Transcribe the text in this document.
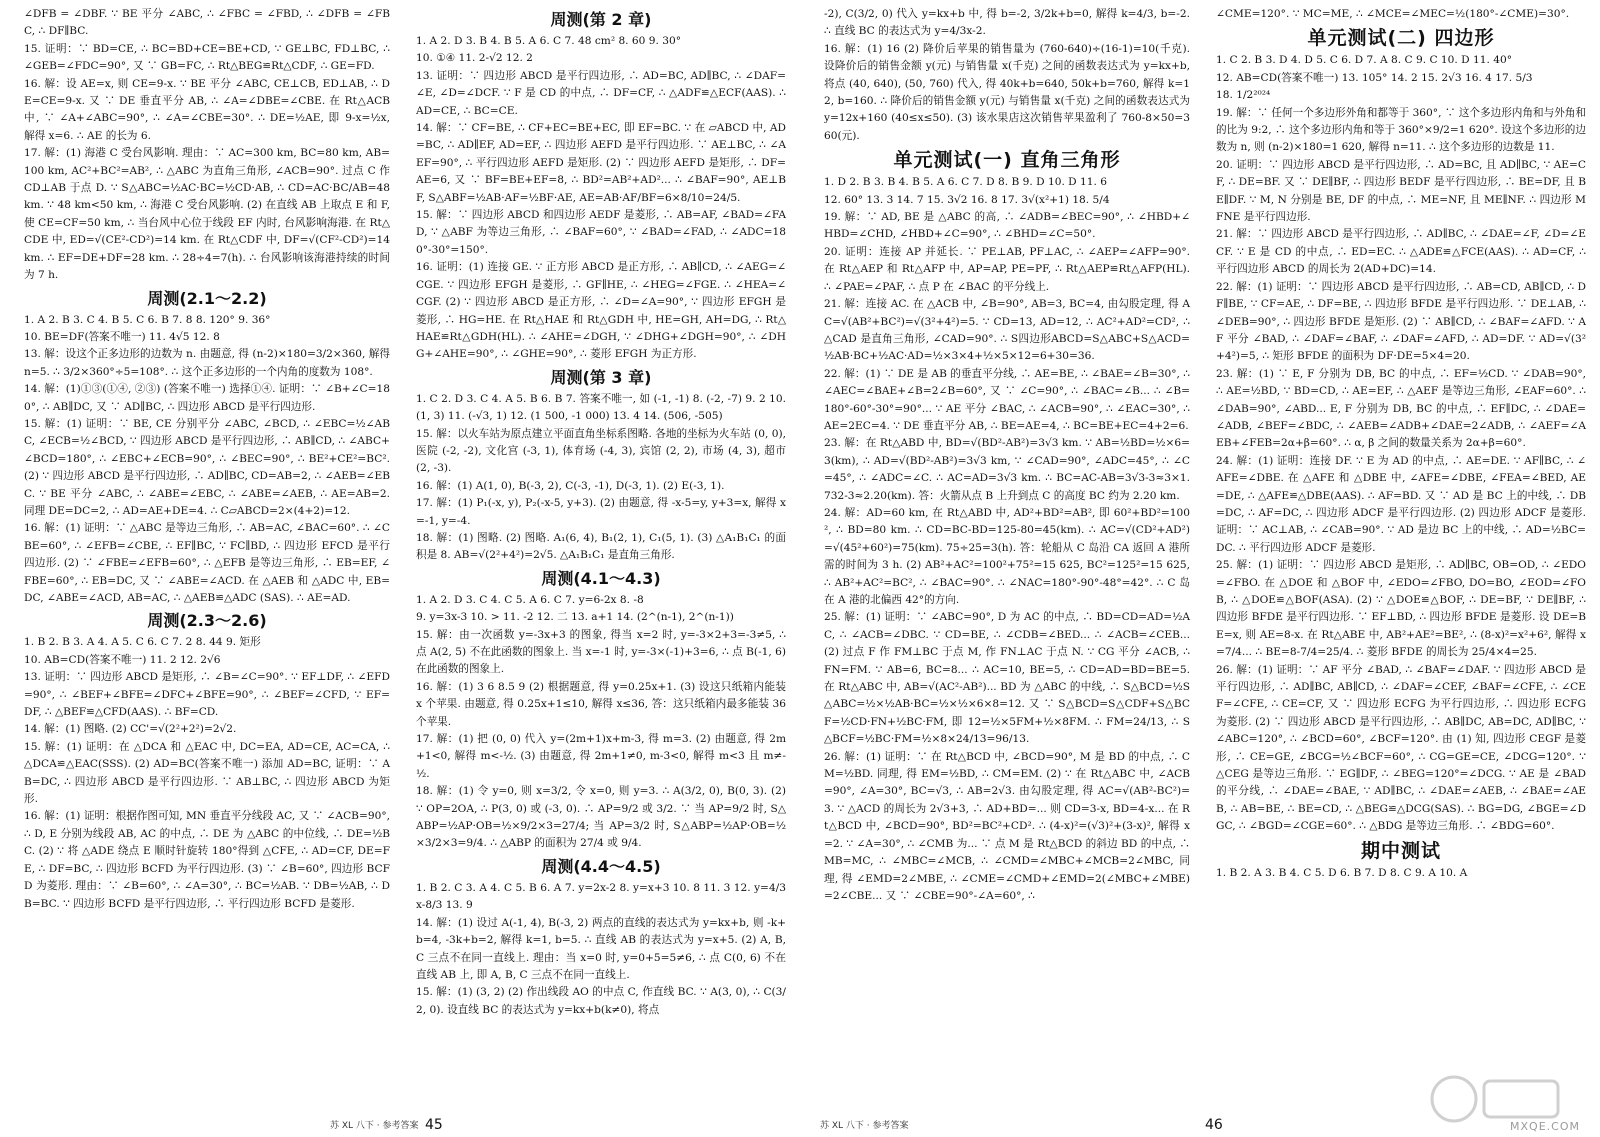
∠DFB = ∠DBF. ∵ BE 平分 ∠ABC, ∴ ∠FBC = ∠FBD, ∴ ∠DFB = ∠FBC, ∴ DF∥BC.
15. 证明：∵ BD=CE, ∴ BC=BD+CE=BE+CD, ∵ GE⊥BC, FD⊥BC, ∴ ∠GEB=∠FDC=90°, 又 ∵ GB=FC, ∴ Rt△BEG≌Rt△CDF, ∴ GE=FD.
16. 解：设 AE=x, 则 CE=9-x. ∵ BE 平分 ∠ABC, CE⊥CB, ED⊥AB, ∴ DE=CE=9-x. 又 ∵ DE 垂直平分 AB, ∴ ∠A=∠DBE=∠CBE. 在 Rt△ACB 中, ∵ ∠A+∠ABC=90°, ∴ ∠A=∠CBE=30°. ∴ DE=½AE, 即 9-x=½x, 解得 x=6. ∴ AE 的长为 6.
17. 解：(1) 海港 C 受台风影响. 理由：∵ AC=300 km, BC=80 km, AB=100 km, AC²+BC²=AB², ∴ △ABC 为直角三角形, ∠ACB=90°. 过点 C 作 CD⊥AB 于点 D. ∵ S△ABC=½AC·BC=½CD·AB, ∴ CD=AC·BC/AB=48 km. ∵ 48 km<50 km, ∴ 海港 C 受台风影响. (2) 在直线 AB 上取点 E 和 F, 使 CE=CF=50 km, ∴ 当台风中心位于线段 EF 内时, 台风影响海港. 在 Rt△CDE 中, ED=√(CE²-CD²)=14 km. 在 Rt△CDF 中, DF=√(CF²-CD²)=14 km. ∴ EF=DE+DF=28 km. ∴ 28÷4=7(h). ∴ 台风影响该海港持续的时间为 7 h.
周测(2.1～2.2)
1. A 2. B 3. C 4. B 5. C 6. B 7. 8 8. 120° 9. 36°
10. BE=DF(答案不唯一) 11. 4√5 12. 8
13. 解：设这个正多边形的边数为 n. 由题意, 得 (n-2)×180=3/2×360, 解得 n=5. ∴ 3/2×360°÷5=108°. ∴ 这个正多边形的一个内角的度数为 108°.
14. 解：(1)①③(①④, ②③) (答案不唯一) 选择①④. 证明：∵ ∠B+∠C=180°, ∴ AB∥DC, 又 ∵ AD∥BC, ∴ 四边形 ABCD 是平行四边形.
15. 解：(1) 证明：∵ BE, CE 分别平分 ∠ABC, ∠BCD, ∴ ∠EBC=½∠ABC, ∠ECB=½∠BCD, ∵ 四边形 ABCD 是平行四边形, ∴ AB∥CD, ∴ ∠ABC+∠BCD=180°, ∴ ∠EBC+∠ECB=90°, ∴ ∠BEC=90°, ∴ BE²+CE²=BC². (2) ∵ 四边形 ABCD 是平行四边形, ∴ AD∥BC, CD=AB=2, ∴ ∠AEB=∠EBC. ∵ BE 平分 ∠ABC, ∴ ∠ABE=∠EBC, ∴ ∠ABE=∠AEB, ∴ AE=AB=2. 同理 DE=DC=2, ∴ AD=AE+DE=4. ∴ C▱ABCD=2×(4+2)=12.
16. 解：(1) 证明：∵ △ABC 是等边三角形, ∴ AB=AC, ∠BAC=60°. ∴ ∠CBE=60°, ∴ ∠EFB=∠CBE, ∴ EF∥BC, ∵ FC∥BD, ∴ 四边形 EFCD 是平行四边形. (2) ∵ ∠FBE=∠EFB=60°, ∴ △EFB 是等边三角形, ∴ EB=EF, ∠FBE=60°, ∴ EB=DC, 又 ∵ ∠ABE=∠ACD. 在 △AEB 和 △ADC 中, EB=DC, ∠ABE=∠ACD, AB=AC, ∴ △AEB≌△ADC (SAS). ∴ AE=AD.
周测(2.3～2.6)
1. B 2. B 3. A 4. A 5. C 6. C 7. 2 8. 44 9. 矩形
10. AB=CD(答案不唯一) 11. 2 12. 2√6
13. 证明：∵ 四边形 ABCD 是矩形, ∴ ∠B=∠C=90°. ∵ EF⊥DF, ∴ ∠EFD=90°, ∴ ∠BEF+∠BFE=∠DFC+∠BFE=90°, ∴ ∠BEF=∠CFD, ∵ EF=DF, ∴ △BEF≌△CFD(AAS). ∴ BF=CD.
14. 解：(1) 图略. (2) CC'=√(2²+2²)=2√2.
15. 解：(1) 证明：在 △DCA 和 △EAC 中, DC=EA, AD=CE, AC=CA, ∴ △DCA≌△EAC(SSS). (2) AD=BC(答案不唯一) 添加 AD=BC, 证明：∵ AB=DC, ∴ 四边形 ABCD 是平行四边形. ∵ AB⊥BC, ∴ 四边形 ABCD 为矩形.
16. 解：(1) 证明：根据作图可知, MN 垂直平分线段 AC, 又 ∵ ∠ACB=90°, ∴ D, E 分别为线段 AB, AC 的中点, ∴ DE 为 △ABC 的中位线, ∴ DE=½BC. (2) ∵ 将 △ADE 绕点 E 顺时针旋转 180°得到 △CFE, ∴ AD=CF, DE=FE, ∴ DF=BC, ∴ 四边形 BCFD 为平行四边形. (3) ∵ ∠B=60°, 四边形 BCFD 为菱形. 理由：∵ ∠B=60°, ∴ ∠A=30°, ∴ BC=½AB. ∵ DB=½AB, ∴ DB=BC. ∵ 四边形 BCFD 是平行四边形, ∴ 平行四边形 BCFD 是菱形.
周测(第 2 章)
1. A 2. D 3. B 4. B 5. A 6. C 7. 48 cm² 8. 60 9. 30°
10. ①④ 11. 2-√2 12. 2
13. 证明：∵ 四边形 ABCD 是平行四边形, ∴ AD=BC, AD∥BC, ∴ ∠DAF=∠E, ∠D=∠DCF. ∵ F 是 CD 的中点, ∴ DF=CF, ∴ △ADF≌△ECF(AAS). ∴ AD=CE, ∴ BC=CE.
14. 解：∵ CF=BE, ∴ CF+EC=BE+EC, 即 EF=BC. ∵ 在 ▱ABCD 中, AD=BC, ∴ AD∥EF, AD=EF, ∴ 四边形 AEFD 是平行四边形. ∵ AE⊥BC, ∴ ∠AEF=90°, ∴ 平行四边形 AEFD 是矩形. (2) ∵ 四边形 AEFD 是矩形, ∴ DF=AE=6, 又 ∵ BF=BE+EF=8, ∴ BD²=AB²+AD²... ∴ ∠BAF=90°, AE⊥BF, S△ABF=½AB·AF=½BF·AE, AE=AB·AF/BF=6×8/10=24/5.
15. 解：∵ 四边形 ABCD 和四边形 AEDF 是菱形, ∴ AB=AF, ∠BAD=∠FAD, ∵ △ABF 为等边三角形, ∴ ∠BAF=60°, ∵ ∠BAD=∠FAD, ∴ ∠ADC=180°-30°=150°.
16. 证明：(1) 连接 GE. ∵ 正方形 ABCD 是正方形, ∴ AB∥CD, ∴ ∠AEG=∠CGE. ∵ 四边形 EFGH 是菱形, ∴ GF∥HE, ∴ ∠HEG=∠FGE. ∴ ∠HEA=∠CGF. (2) ∵ 四边形 ABCD 是正方形, ∴ ∠D=∠A=90°, ∵ 四边形 EFGH 是菱形, ∴ HG=HE. 在 Rt△HAE 和 Rt△GDH 中, HE=GH, AH=DG, ∴ Rt△HAE≌Rt△GDH(HL). ∴ ∠AHE=∠DGH, ∵ ∠DHG+∠DGH=90°, ∴ ∠DHG+∠AHE=90°, ∴ ∠GHE=90°, ∴ 菱形 EFGH 为正方形.
周测(第 3 章)
1. C 2. D 3. C 4. A 5. B 6. B 7. 答案不唯一, 如 (-1, -1) 8. (-2, -7) 9. 2 10. (1, 3) 11. (-√3, 1) 12. (1 500, -1 000) 13. 4 14. (506, -505)
15. 解：以火车站为原点建立平面直角坐标系图略. 各地的坐标为火车站 (0, 0), 医院 (-2, -2), 文化宫 (-3, 1), 体育场 (-4, 3), 宾馆 (2, 2), 市场 (4, 3), 超市 (2, -3).
16. 解：(1) A(1, 0), B(-3, 2), C(-3, -1), D(-3, 1). (2) E(-3, 1).
17. 解：(1) P₁(-x, y), P₂(-x-5, y+3). (2) 由题意, 得 -x-5=y, y+3=x, 解得 x=-1, y=-4.
18. 解：(1) 图略. (2) 图略. A₁(6, 4), B₁(2, 1), C₁(5, 1). (3) △A₁B₁C₁ 的面积是 8. AB=√(2²+4²)=2√5. △A₁B₁C₁ 是直角三角形.
周测(4.1～4.3)
1. A 2. D 3. C 4. C 5. A 6. C 7. y=6-2x 8. -8
9. y=3x-3 10. > 11. -2 12. 二 13. a+1 14. (2^(n-1), 2^(n-1))
15. 解：由一次函数 y=-3x+3 的图象, 得当 x=2 时, y=-3×2+3=-3≠5, ∴ 点 A(2, 5) 不在此函数的图象上. 当 x=-1 时, y=-3×(-1)+3=6, ∴ 点 B(-1, 6) 在此函数的图象上.
16. 解：(1) 3 6 8.5 9 (2) 根据题意, 得 y=0.25x+1. (3) 设这只纸箱内能装 x 个苹果. 由题意, 得 0.25x+1≤10, 解得 x≤36, 答：这只纸箱内最多能装 36 个苹果.
17. 解：(1) 把 (0, 0) 代入 y=(2m+1)x+m-3, 得 m=3. (2) 由题意, 得 2m+1<0, 解得 m<-½. (3) 由题意, 得 2m+1≠0, m-3<0, 解得 m<3 且 m≠-½.
18. 解：(1) 令 y=0, 则 x=3/2, 令 x=0, 则 y=3. ∴ A(3/2, 0), B(0, 3). (2) ∵ OP=2OA, ∴ P(3, 0) 或 (-3, 0). ∴ AP=9/2 或 3/2. ∵ 当 AP=9/2 时, S△ABP=½AP·OB=½×9/2×3=27/4; 当 AP=3/2 时, S△ABP=½AP·OB=½×3/2×3=9/4. ∴ △ABP 的面积为 27/4 或 9/4.
周测(4.4～4.5)
1. B 2. C 3. A 4. C 5. B 6. A 7. y=2x-2 8. y=x+3 10. 8 11. 3 12. y=4/3x-8/3 13. 9
14. 解：(1) 设过 A(-1, 4), B(-3, 2) 两点的直线的表达式为 y=kx+b, 则 -k+b=4, -3k+b=2, 解得 k=1, b=5. ∴ 直线 AB 的表达式为 y=x+5. (2) A, B, C 三点不在同一直线上. 理由：当 x=0 时, y=0+5=5≠6, ∴ 点 C(0, 6) 不在直线 AB 上, 即 A, B, C 三点不在同一直线上.
15. 解：(1) (3, 2) (2) 作出线段 AO 的中点 C, 作直线 BC. ∵ A(3, 0), ∴ C(3/2, 0). 设直线 BC 的表达式为 y=kx+b(k≠0), 将点
苏 XL 八下 · 参考答案 45
-2), C(3/2, 0) 代入 y=kx+b 中, 得 b=-2, 3/2k+b=0, 解得 k=4/3, b=-2. ∴ 直线 BC 的表达式为 y=4/3x-2.
16. 解：(1) 16 (2) 降价后苹果的销售量为 (760-640)÷(16-1)=10(千克). 设降价后的销售金额 y(元) 与销售量 x(千克) 之间的函数表达式为 y=kx+b, 将点 (40, 640), (50, 760) 代入, 得 40k+b=640, 50k+b=760, 解得 k=12, b=160. ∴ 降价后的销售金额 y(元) 与销售量 x(千克) 之间的函数表达式为 y=12x+160 (40≤x≤50). (3) 该水果店这次销售苹果盈利了 760-8×50=360(元).
单元测试(一) 直角三角形
1. D 2. B 3. B 4. B 5. A 6. C 7. D 8. B 9. D 10. D 11. 6
12. 60° 13. 3 14. 7 15. 3√2 16. 8 17. 3√(x²+1) 18. 5/4
19. 解：∵ AD, BE 是 △ABC 的高, ∴ ∠ADB=∠BEC=90°, ∴ ∠HBD+∠HBD=∠CHD, ∠HBD+∠C=90°, ∴ ∠BHD=∠C=50°.
20. 证明：连接 AP 并延长. ∵ PE⊥AB, PF⊥AC, ∴ ∠AEP=∠AFP=90°. 在 Rt△AEP 和 Rt△AFP 中, AP=AP, PE=PF, ∴ Rt△AEP≌Rt△AFP(HL). ∴ ∠PAE=∠PAF, ∴ 点 P 在 ∠BAC 的平分线上.
21. 解：连接 AC. 在 △ACB 中, ∠B=90°, AB=3, BC=4, 由勾股定理, 得 AC=√(AB²+BC²)=√(3²+4²)=5. ∵ CD=13, AD=12, ∴ AC²+AD²=CD², ∴ △CAD 是直角三角形, ∠CAD=90°. ∴ S四边形ABCD=S△ABC+S△ACD=½AB·BC+½AC·AD=½×3×4+½×5×12=6+30=36.
22. 解：(1) ∵ DE 是 AB 的垂直平分线, ∴ AE=BE, ∴ ∠BAE=∠B=30°, ∴ ∠AEC=∠BAE+∠B=2∠B=60°, 又 ∵ ∠C=90°, ∴ ∠BAC=∠B... ∴ ∠B=180°-60°-30°=90°... ∵ AE 平分 ∠BAC, ∴ ∠ACB=90°, ∴ ∠EAC=30°, ∴ AE=2EC=4. ∵ DE 垂直平分 AB, ∴ BE=AE=4, ∴ BC=BE+EC=4+2=6.
23. 解：在 Rt△ABD 中, BD=√(BD²-AB²)=3√3 km. ∵ AB=½BD=½×6=3(km), ∴ AD=√(BD²-AB²)=3√3 km, ∵ ∠CAD=90°, ∠ADC=45°, ∴ ∠C=45°, ∴ ∠ADC=∠C. ∴ AC=AD=3√3 km. ∴ BC=AC-AB=3√3-3≈3×1.732-3≈2.20(km). 答：火箭从点 B 上升到点 C 的高度 BC 约为 2.20 km.
24. 解：AD=60 km, 在 Rt△ABD 中, AD²+BD²=AB², 即 60²+BD²=100², ∴ BD=80 km. ∴ CD=BC-BD=125-80=45(km). ∴ AC=√(CD²+AD²)=√(45²+60²)=75(km). 75÷25=3(h). 答：轮船从 C 岛沿 CA 返回 A 港所需的时间为 3 h. (2) AB²+AC²=100²+75²=15 625, BC²=125²=15 625, ∴ AB²+AC²=BC², ∴ ∠BAC=90°. ∴ ∠NAC=180°-90°-48°=42°. ∴ C 岛在 A 港的北偏西 42°的方向.
25. 解：(1) 证明：∵ ∠ABC=90°, D 为 AC 的中点, ∴ BD=CD=AD=½AC, ∴ ∠ACB=∠DBC. ∵ CD=BE, ∴ ∠CDB=∠BED... ∴ ∠ACB=∠CEB... (2) 过点 F 作 FM⊥BC 于点 M, 作 FN⊥AC 于点 N. ∵ CG 平分 ∠ACB, ∴ FN=FM. ∵ AB=6, BC=8... ∴ AC=10, BE=5, ∴ CD=AD=BD=BE=5. 在 Rt△ABC 中, AB=√(AC²-AB²)... BD 为 △ABC 的中线, ∴ S△BCD=½S△ABC=½×½AB·BC=½×½×6×8=12. 又 ∵ S△BCD=S△CDF+S△BCF=½CD·FN+½BC·FM, 即 12=½×5FM+½×8FM. ∴ FM=24/13, ∴ S△BCF=½BC·FM=½×8×24/13=96/13.
26. 解：(1) 证明：∵ 在 Rt△BCD 中, ∠BCD=90°, M 是 BD 的中点, ∴ CM=½BD. 同理, 得 EM=½BD, ∴ CM=EM. (2) ∵ 在 Rt△ABC 中, ∠ACB=90°, ∠A=30°, BC=√3, ∴ AB=2√3. 由勾股定理, 得 AC=√(AB²-BC²)=3. ∵ △ACD 的周长为 2√3+3, ∴ AD+BD=... 则 CD=3-x, BD=4-x... 在 Rt△BCD 中, ∠BCD=90°, BD²=BC²+CD². ∴ (4-x)²=(√3)²+(3-x)², 解得 x=2. ∵ ∠A=30°, ∴ ∠CMB 为... ∵ 点 M 是 Rt△BCD 的斜边 BD 的中点, ∴ MB=MC, ∴ ∠MBC=∠MCB, ∴ ∠CMD=∠MBC+∠MCB=2∠MBC, 同理, 得 ∠EMD=2∠MBE, ∴ ∠CME=∠CMD+∠EMD=2(∠MBC+∠MBE)=2∠CBE... 又 ∵ ∠CBE=90°-∠A=60°, ∴
∠CME=120°. ∵ MC=ME, ∴ ∠MCE=∠MEC=½(180°-∠CME)=30°.
单元测试(二) 四边形
1. C 2. B 3. D 4. D 5. C 6. D 7. A 8. C 9. C 10. D 11. 40°
12. AB=CD(答案不唯一) 13. 105° 14. 2 15. 2√3 16. 4 17. 5/3
18. 1/2²⁰²⁴
19. 解：∵ 任何一个多边形外角和都等于 360°, ∵ 这个多边形内角和与外角和的比为 9:2, ∴ 这个多边形内角和等于 360°×9/2=1 620°. 设这个多边形的边数为 n, 则 (n-2)×180=1 620, 解得 n=11. ∴ 这个多边形的边数是 11.
20. 证明：∵ 四边形 ABCD 是平行四边形, ∴ AD=BC, 且 AD∥BC, ∵ AE=CF, ∴ DE=BF. 又 ∵ DE∥BF, ∴ 四边形 BEDF 是平行四边形, ∴ BE=DF, 且 BE∥DF. ∵ M, N 分别是 BE, DF 的中点, ∴ ME=NF, 且 ME∥NF. ∴ 四边形 MFNE 是平行四边形.
21. 解：∵ 四边形 ABCD 是平行四边形, ∴ AD∥BC, ∴ ∠DAE=∠F, ∠D=∠ECF. ∵ E 是 CD 的中点, ∴ ED=EC. ∴ △ADE≌△FCE(AAS). ∴ AD=CF, ∴ 平行四边形 ABCD 的周长为 2(AD+DC)=14.
22. 解：(1) 证明：∵ 四边形 ABCD 是平行四边形, ∴ AB=CD, AB∥CD, ∴ DF∥BE, ∵ CF=AE, ∴ DF=BE, ∴ 四边形 BFDE 是平行四边形. ∵ DE⊥AB, ∴ ∠DEB=90°, ∴ 四边形 BFDE 是矩形. (2) ∵ AB∥CD, ∴ ∠BAF=∠AFD. ∵ AF 平分 ∠BAD, ∴ ∠DAF=∠BAF, ∴ ∠DAF=∠AFD, ∴ AD=DF. ∵ AD=√(3²+4²)=5, ∴ 矩形 BFDE 的面积为 DF·DE=5×4=20.
23. 解：(1) ∵ E, F 分别为 DB, BC 的中点, ∴ EF=½CD. ∵ ∠DAB=90°, ∴ AE=½BD, ∵ BD=CD, ∴ AE=EF, ∴ △AEF 是等边三角形, ∠EAF=60°. ∴ ∠DAB=90°, ∠ABD... E, F 分别为 DB, BC 的中点, ∴ EF∥DC, ∴ ∠DAE=∠ADB, ∠BEF=∠BDC, ∴ ∠AEB=∠ADB+∠DAE=2∠ADB, ∴ ∠AEF=∠AEB+∠FEB=2α+β=60°. ∴ α, β 之间的数量关系为 2α+β=60°.
24. 解：(1) 证明：连接 DF. ∵ E 为 AD 的中点, ∴ AE=DE. ∵ AF∥BC, ∴ ∠AFE=∠DBE. 在 △AFE 和 △DBE 中, ∠AFE=∠DBE, ∠FEA=∠BED, AE=DE, ∴ △AFE≌△DBE(AAS). ∴ AF=BD. 又 ∵ AD 是 BC 上的中线, ∴ DB=DC, ∴ AF=DC, ∴ 四边形 ADCF 是平行四边形. (2) 四边形 ADCF 是菱形. 证明：∵ AC⊥AB, ∴ ∠CAB=90°. ∵ AD 是边 BC 上的中线, ∴ AD=½BC=DC. ∴ 平行四边形 ADCF 是菱形.
25. 解：(1) 证明：∵ 四边形 ABCD 是矩形, ∴ AD∥BC, OB=OD, ∴ ∠EDO=∠FBO. 在 △DOE 和 △BOF 中, ∠EDO=∠FBO, DO=BO, ∠EOD=∠FOB, ∴ △DOE≌△BOF(ASA). (2) ∵ △DOE≌△BOF, ∴ DE=BF, ∵ DE∥BF, ∴ 四边形 BFDE 是平行四边形. ∵ EF⊥BD, ∴ 四边形 BFDE 是菱形. 设 DE=BE=x, 则 AE=8-x. 在 Rt△ABE 中, AB²+AE²=BE², ∴ (8-x)²=x²+6², 解得 x=7/4... ∴ BE=8-7/4=25/4. ∴ 菱形 BFDE 的周长为 25/4×4=25.
26. 解：(1) 证明：∵ AF 平分 ∠BAD, ∴ ∠BAF=∠DAF. ∵ 四边形 ABCD 是平行四边形, ∴ AD∥BC, AB∥CD, ∴ ∠DAF=∠CEF, ∠BAF=∠CFE, ∴ ∠CEF=∠CFE, ∴ CE=CF, 又 ∵ 四边形 ECFG 为平行四边形, ∴ 四边形 ECFG 为菱形. (2) ∵ 四边形 ABCD 是平行四边形, ∴ AB∥DC, AB=DC, AD∥BC, ∵ ∠ABC=120°, ∴ ∠BCD=60°, ∠BCF=120°. 由 (1) 知, 四边形 CEGF 是菱形, ∴ CE=GE, ∠BCG=½∠BCF=60°, ∴ CG=GE=CE, ∠DCG=120°. ∵ △CEG 是等边三角形. ∵ EG∥DF, ∴ ∠BEG=120°=∠DCG. ∵ AE 是 ∠BAD 的平分线, ∴ ∠DAE=∠BAE, ∵ AD∥BC, ∴ ∠DAE=∠AEB, ∴ ∠BAE=∠AEB, ∴ AB=BE, ∴ BE=CD, ∴ △BEG≌△DCG(SAS). ∴ BG=DG, ∠BGE=∠DGC, ∴ ∠BGD=∠CGE=60°. ∴ △BDG 是等边三角形. ∴ ∠BDG=60°.
期中测试
1. B 2. A 3. B 4. C 5. D 6. B 7. D 8. C 9. A 10. A
苏 XL 八下 · 参考答案	46	MXQE.COM
